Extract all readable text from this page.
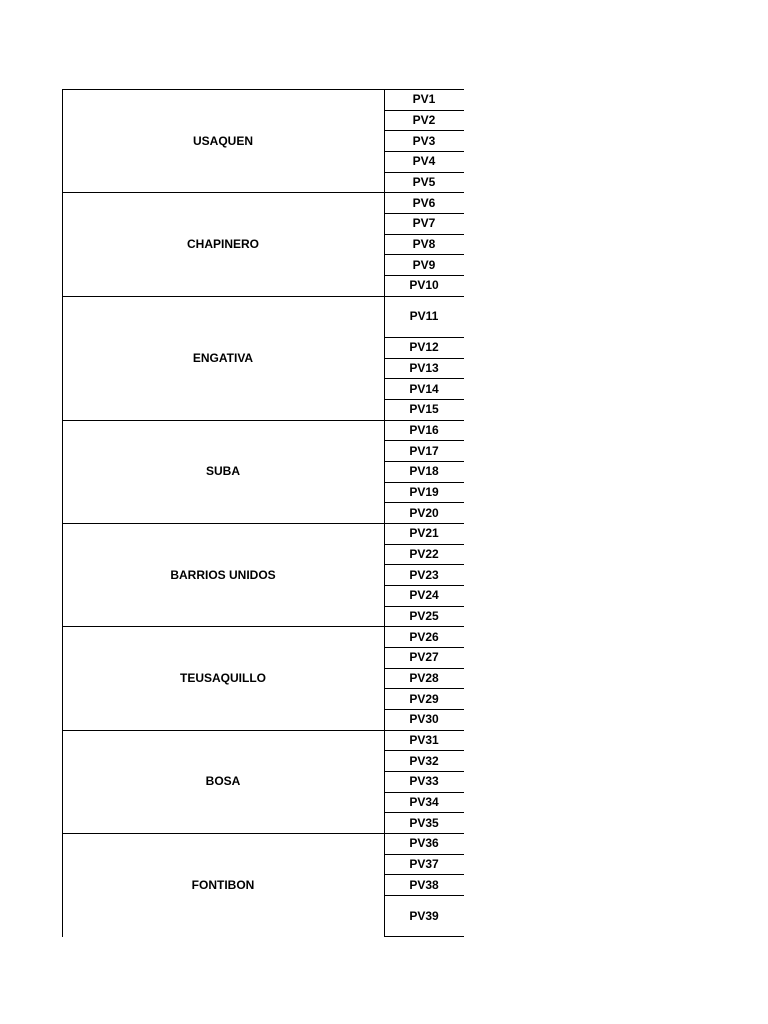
PV1
PV2
PV3
PV4
PV5
USAQUEN
PV6
PV7
PV8
PV9
PV10
CHAPINERO
PV11
PV12
PV13
PV14
PV15
ENGATIVA
PV16
PV17
PV18
PV19
PV20
SUBA
PV21
PV22
PV23
PV24
PV25
BARRIOS UNIDOS
PV26
PV27
PV28
PV29
PV30
TEUSAQUILLO
PV31
PV32
PV33
PV34
PV35
BOSA
PV36
PV37
PV38
PV39
FONTIBON
